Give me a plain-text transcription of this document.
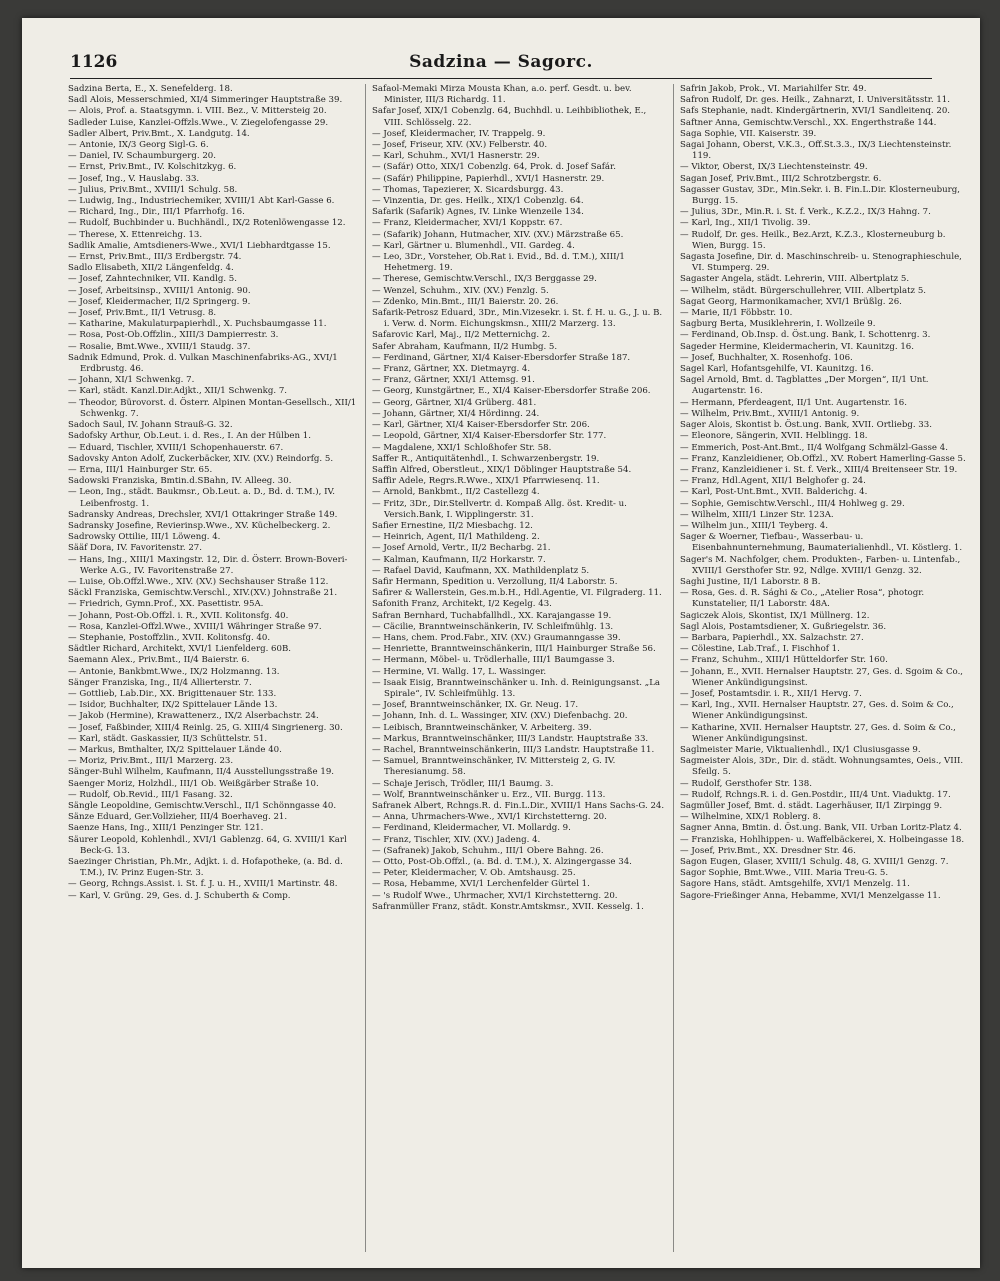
1126	Sadzina — Sagorc.

Sadzina Berta, E., X. Senefelderg. 18.

Sadl Alois, Messerschmied, XI/4 Simmeringer Hauptstraße 39.

— Alois, Prof. a. Staatsgymn. i. VIII. Bez., V. Mittersteig 20.

Sadleder Luise, Kanzlei-Offzls.Wwe., V. Ziegelofengasse 29.

Sadler Albert, Priv.Bmt., X. Landgutg. 14.

— Antonie, IX/3 Georg Sigl-G. 6.

— Daniel, IV. Schaumburgerg. 20.

— Ernst, Priv.Bmt., IV. Kolschitzkyg. 6.

— Josef, Ing., V. Hauslabg. 33.

— Julius, Priv.Bmt., XVIII/1 Schulg. 58.

— Ludwig, Ing., Industriechemiker, XVIII/1 Abt Karl-Gasse 6.

— Richard, Ing., Dir., III/1 Pfarrhofg. 16.

— Rudolf, Buchbinder u. Buchhändl., IX/2 Rotenlöwengasse 12.

— Therese, X. Ettenreichg. 13.

Sadlik Amalie, Amtsdieners-Wwe., XVI/1 Liebhardtgasse 15.

— Ernst, Priv.Bmt., III/3 Erdbergstr. 74.

Sadlo Elisabeth, XII/2 Längenfeldg. 4.

— Josef, Zahntechniker, VII. Kandlg. 5.

— Josef, Arbeitsinsp., XVIII/1 Antonig. 90.

— Josef, Kleidermacher, II/2 Springerg. 9.

— Josef, Priv.Bmt., II/1 Vetrusg. 8.

— Katharine, Makulaturpapierhdl., X. Puchsbaumgasse 11.

— Rosa, Post-Ob.Offzlin., XIII/3 Dampierrestr. 3.

— Rosalie, Bmt.Wwe., XVIII/1 Staudg. 37.

Sadnik Edmund, Prok. d. Vulkan Maschinenfabriks-AG., XVI/1 Erdbrustg. 46.

— Johann, XI/1 Schwenkg. 7.

— Karl, städt. Kanzl.Dir.Adjkt., XII/1 Schwenkg. 7.

— Theodor, Bürovorst. d. Österr. Alpinen Montan-Gesellsch., XII/1 Schwenkg. 7.

Sadoch Saul, IV. Johann Strauß-G. 32.

Sadofsky Arthur, Ob.Leut. i. d. Res., I. An der Hülben 1.

— Eduard, Tischler, XVIII/1 Schopenhauerstr. 67.

Sadovsky Anton Adolf, Zuckerbäcker, XIV. (XV.) Reindorfg. 5.

— Erna, III/1 Hainburger Str. 65.

Sadowski Franziska, Bmtin.d.SBahn, IV. Alleeg. 30.

— Leon, Ing., städt. Baukmsr., Ob.Leut. a. D., Bd. d. T.M.), IV. Leibenfrostg. 1.

Sadransky Andreas, Drechsler, XVI/1 Ottakringer Straße 149.

Sadransky Josefine, Revierinsp.Wwe., XV. Küchelbeckerg. 2.

Sadrowsky Ottilie, III/1 Löweng. 4.

Sääf Dora, IV. Favoritenstr. 27.

— Hans, Ing., XIII/1 Maxingstr. 12, Dir. d. Österr. Brown-Boveri-Werke A.G., IV. Favoritenstraße 27.

— Luise, Ob.Offzl.Wwe., XIV. (XV.) Sechshauser Straße 112.

Säckl Franziska, Gemischtw.Verschl., XIV.(XV.) Johnstraße 21.

— Friedrich, Gymn.Prof., XX. Pasettistr. 95A.

— Johann, Post-Ob.Offzl. i. R., XVII. Kolitonsfg. 40.

— Rosa, Kanzlei-Offzl.Wwe., XVIII/1 Währinger Straße 97.

— Stephanie, Postoffzlin., XVII. Kolitonsfg. 40.

Sädtler Richard, Architekt, XVI/1 Lienfelderg. 60B.

Saemann Alex., Priv.Bmt., II/4 Baierstr. 6.

— Antonie, Bankbmt.Wwe., IX/2 Holzmanng. 13.

Sänger Franziska, Ing., II/4 Allierterstr. 7.

— Gottlieb, Lab.Dir., XX. Brigittenauer Str. 133.

— Isidor, Buchhalter, IX/2 Spittelauer Lände 13.

— Jakob (Hermine), Krawattenerz., IX/2 Alserbachstr. 24.

— Josef, Faßbinder, XIII/4 Reinlg. 25, G. XIII/4 Singrienerg. 30.

— Karl, städt. Gaskassier, II/3 Schüttelstr. 51.

— Markus, Bmthalter, IX/2 Spittelauer Lände 40.

— Moriz, Priv.Bmt., III/1 Marzerg. 23.

Sänger-Buhl Wilhelm, Kaufmann, II/4 Ausstellungsstraße 19.

Saenger Moriz, Holzhdl., III/1 Ob. Weißgärber Straße 10.

— Rudolf, Ob.Revid., III/1 Fasang. 32.

Sängle Leopoldine, Gemischtw.Verschl., II/1 Schönngasse 40.

Sänze Eduard, Ger.Vollzieher, III/4 Boerhaveg. 21.

Saenze Hans, Ing., XIII/1 Penzinger Str. 121.

Säurer Leopold, Kohlenhdl., XVI/1 Gablenzg. 64, G. XVIII/1 Karl Beck-G. 13.

Saezinger Christian, Ph.Mr., Adjkt. i. d. Hofapotheke, (a. Bd. d. T.M.), IV. Prinz Eugen-Str. 3.

— Georg, Rchngs.Assist. i. St. f. J. u. H., XVIII/1 Martinstr. 48.

— Karl, V. Grüng. 29, Ges. d. J. Schuberth & Comp.

Safaol-Memaki Mirza Mousta Khan, a.o. perf. Gesdt. u. bev. Minister, III/3 Richardg. 11.

Safar Josef, XIX/1 Cobenzlg. 64, Buchhdl. u. Leihbibliothek, E., VIII. Schlösselg. 22.

— Josef, Kleidermacher, IV. Trappelg. 9.

— Josef, Friseur, XIV. (XV.) Felberstr. 40.

— Karl, Schuhm., XVI/1 Hasnerstr. 29.

— (Safár) Otto, XIX/1 Cobenzlg. 64, Prok. d. Josef Safár.

— (Safár) Philippine, Papierhdl., XVI/1 Hasnerstr. 29.

— Thomas, Tapezierer, X. Sicardsburgg. 43.

— Vinzentia, Dr. ges. Heilk., XIX/1 Cobenzlg. 64.

Safarik (Safarik) Agnes, IV. Linke Wienzeile 134.

— Franz, Kleidermacher, XVI/1 Koppstr. 67.

— (Safarik) Johann, Hutmacher, XIV. (XV.) Märzstraße 65.

— Karl, Gärtner u. Blumenhdl., VII. Gardeg. 4.

— Leo, 3Dr., Vorsteher, Ob.Rat i. Evid., Bd. d. T.M.), XIII/1 Hehetmerg. 19.

— Therese, Gemischtw.Verschl., IX/3 Berggasse 29.

— Wenzel, Schuhm., XIV. (XV.) Fenzlg. 5.

— Zdenko, Min.Bmt., III/1 Baierstr. 20. 26.

Safarik-Petrosz Eduard, 3Dr., Min.Vizesekr. i. St. f. H. u. G., J. u. B. i. Verw. d. Norm. Eichungskmsn., XIII/2 Marzerg. 13.

Safarovic Karl, Maj., II/2 Metternichg. 2.

Safer Abraham, Kaufmann, II/2 Humbg. 5.

— Ferdinand, Gärtner, XI/4 Kaiser-Ebersdorfer Straße 187.

— Franz, Gärtner, XX. Dietmayrg. 4.

— Franz, Gärtner, XXI/1 Attemsg. 91.

— Georg, Kunstgärtner, E., XI/4 Kaiser-Ebersdorfer Straße 206.

— Georg, Gärtner, XI/4 Grüberg. 481.

— Johann, Gärtner, XI/4 Hördinng. 24.

— Karl, Gärtner, XI/4 Kaiser-Ebersdorfer Str. 206.

— Leopold, Gärtner, XI/4 Kaiser-Ebersdorfer Str. 177.

— Magdalene, XXI/1 Schloßhofer Str. 58.

Saffer R., Antiquitätenhdl., I. Schwarzenbergstr. 19.

Saffin Alfred, Oberstleut., XIX/1 Döblinger Hauptstraße 54.

Saffir Adele, Regrs.R.Wwe., XIX/1 Pfarrwiesenq. 11.

— Arnold, Bankbmt., II/2 Castellezg 4.

— Fritz, 3Dr., Dir.Stellvertr. d. Kompaß Allg. öst. Kredit- u. Versich.Bank, I. Wipplingerstr. 31.

Safier Ernestine, II/2 Miesbachg. 12.

— Heinrich, Agent, II/1 Mathildeng. 2.

— Josef Arnold, Vertr., II/2 Becharbg. 21.

— Kalman, Kaufmann, II/2 Horkarstr. 7.

— Rafael David, Kaufmann, XX. Mathildenplatz 5.

Safir Hermann, Spedition u. Verzollung, II/4 Laborstr. 5.

Safirer & Wallerstein, Ges.m.b.H., Hdl.Agentie, VI. Filgraderg. 11.

Safonith Franz, Architekt, I/2 Kegelg. 43.

Safran Bernhard, Tuchabfallhdl., XX. Karajangasse 19.

— Cäcilie, Branntweinschänkerin, IV. Schleifmühlg. 13.

— Hans, chem. Prod.Fabr., XIV. (XV.) Graumanngasse 39.

— Henriette, Branntweinschänkerin, III/1 Hainburger Straße 56.

— Hermann, Möbel- u. Trödlerhalle, III/1 Baumgasse 3.

— Hermine, VI. Wallg. 17, L. Wassinger.

— Isaak Eisig, Branntweinschänker u. Inh. d. Reinigungsanst. „La Spirale“, IV. Schleifmühlg. 13.

— Josef, Branntweinschänker, IX. Gr. Neug. 17.

— Johann, Inh. d. L. Wassinger, XIV. (XV.) Diefenbachg. 20.

— Leibisch, Branntweinschänker, V. Arbeiterg. 39.

— Markus, Branntweinschänker, III/3 Landstr. Hauptstraße 33.

— Rachel, Branntweinschänkerin, III/3 Landstr. Hauptstraße 11.

— Samuel, Branntweinschänker, IV. Mittersteig 2, G. IV. Theresianumg. 58.

— Schaje Jerisch, Trödler, III/1 Baumg. 3.

— Wolf, Branntweinschänker u. Erz., VII. Burgg. 113.

Safranek Albert, Rchngs.R. d. Fin.L.Dir., XVIII/1 Hans Sachs-G. 24.

— Anna, Uhrmachers-Wwe., XVI/1 Kirchstetterng. 20.

— Ferdinand, Kleidermacher, VI. Mollardg. 9.

— Franz, Tischler, XIV. (XV.) Jadeng. 4.

— (Safranek) Jakob, Schuhm., III/1 Obere Bahng. 26.

— Otto, Post-Ob.Offzl., (a. Bd. d. T.M.), X. Alzingergasse 34.

— Peter, Kleidermacher, V. Ob. Amtshausg. 25.

— Rosa, Hebamme, XVI/1 Lerchenfelder Gürtel 1.

— 's Rudolf Wwe., Uhrmacher, XVI/1 Kirchstetterng. 20.

Safranmüller Franz, städt. Konstr.Amtskmsr., XVII. Kesselg. 1.

Safrin Jakob, Prok., VI. Mariahilfer Str. 49.

Safron Rudolf, Dr. ges. Heilk., Zahnarzt, I. Universitätsstr. 11.

Safs Stephanie, nadt. Kindergärtnerin, XVI/1 Sandleitenq. 20.

Saftner Anna, Gemischtw.Verschl., XX. Engerthstraße 144.

Saga Sophie, VII. Kaiserstr. 39.

Sagai Johann, Oberst, V.K.3., Off.St.3.3., IX/3 Liechtensteinstr. 119.

— Viktor, Oberst, IX/3 Liechtensteinstr. 49.

Sagan Josef, Priv.Bmt., III/2 Schrotzbergstr. 6.

Sagasser Gustav, 3Dr., Min.Sekr. i. B. Fin.L.Dir. Klosterneuburg, Burgg. 15.

— Julius, 3Dr., Min.R. i. St. f. Verk., K.Z.2., IX/3 Hahng. 7.

— Karl, Ing., XII/1 Tivolig. 39.

— Rudolf, Dr. ges. Heilk., Bez.Arzt, K.Z.3., Klosterneuburg b. Wien, Burgg. 15.

Sagasta Josefine, Dir. d. Maschinschreib- u. Stenographieschule, VI. Stumperg. 29.

Sagaster Angela, städt. Lehrerin, VIII. Albertplatz 5.

— Wilhelm, städt. Bürgerschullehrer, VIII. Albertplatz 5.

Sagat Georg, Harmonikamacher, XVI/1 Brüßlg. 26.

— Marie, II/1 Föbbstr. 10.

Sagburg Berta, Musiklehrerin, I. Wollzeile 9.

— Ferdinand, Ob.Insp. d. Öst.ung. Bank, I. Schottenrg. 3.

Sageder Hermine, Kleidermacherin, VI. Kaunitzg. 16.

— Josef, Buchhalter, X. Rosenhofg. 106.

Sagel Karl, Hofantsgehilfe, VI. Kaunitzg. 16.

Sagel Arnold, Bmt. d. Tagblattes „Der Morgen“, II/1 Unt. Augartenstr. 16.

— Hermann, Pferdeagent, II/1 Unt. Augartenstr. 16.

— Wilhelm, Priv.Bmt., XVIII/1 Antonig. 9.

Sager Alois, Skontist b. Öst.ung. Bank, XVII. Ortliebg. 33.

— Eleonore, Sängerin, XVII. Helblingg. 18.

— Emmerich, Post-Ant.Bmt., II/4 Wolfgang Schmälzl-Gasse 4.

— Franz, Kanzleidiener, Ob.Offzl., XV. Robert Hamerling-Gasse 5.

— Franz, Kanzleidiener i. St. f. Verk., XIII/4 Breitenseer Str. 19.

— Franz, Hdl.Agent, XII/1 Belghofer g. 24.

— Karl, Post-Unt.Bmt., XVII. Balderichg. 4.

— Sophie, Gemischtw.Verschl., III/4 Hohlweg g. 29.

— Wilhelm, XIII/1 Linzer Str. 123A.

— Wilhelm jun., XIII/1 Teyberg. 4.

Sager & Woerner, Tiefbau-, Wasserbau- u. Eisenbahnunternehmung, Baumaterialienhdl., VI. Köstlerg. 1.

Sager's M. Nachfolger, chem. Produkten-, Farben- u. Lintenfab., XVIII/1 Gersthofer Str. 92, Ndlge. XVIII/1 Genzg. 32.

Saghi Justine, II/1 Laborstr. 8 B.

— Rosa, Ges. d. R. Sághi & Co., „Atelier Rosa“, photogr. Kunstatelier, II/1 Laborstr. 48A.

Sagiczek Alois, Skontist, IX/1 Müllnerg. 12.

Sagl Alois, Postamtsdiener, X. Gußriegelstr. 36.

— Barbara, Papierhdl., XX. Salzachstr. 27.

— Cölestine, Lab.Traf., I. Fischhof 1.

— Franz, Schuhm., XIII/1 Hütteldorfer Str. 160.

— Johann, E., XVII. Hernalser Hauptstr. 27, Ges. d. Sgoim & Co., Wiener Ankündigungsinst.

— Josef, Postamtsdir. i. R., XII/1 Hervg. 7.

— Karl, Ing., XVII. Hernalser Hauptstr. 27, Ges. d. Soim & Co., Wiener Ankündigungsinst.

— Katharine, XVII. Hernalser Hauptstr. 27, Ges. d. Soim & Co., Wiener Ankündigungsinst.

Saglmeister Marie, Viktualienhdl., IX/1 Clusiusgasse 9.

Sagmeister Alois, 3Dr., Dir. d. städt. Wohnungsamtes, Oeis., VIII. Sfeilg. 5.

— Rudolf, Gersthofer Str. 138.

— Rudolf, Rchngs.R. i. d. Gen.Postdir., III/4 Unt. Viaduktg. 17.

Sagmüller Josef, Bmt. d. städt. Lagerhäuser, II/1 Zirpingg 9.

— Wilhelmine, XIX/1 Roblerg. 8.

Sagner Anna, Bmtin. d. Öst.ung. Bank, VII. Urban Loritz-Platz 4.

— Franziska, Hohlhippen- u. Waffelbäckerei, X. Holbeingasse 18.

— Josef, Priv.Bmt., XX. Dresdner Str. 46.

Sagon Eugen, Glaser, XVIII/1 Schulg. 48, G. XVIII/1 Genzg. 7.

Sagor Sophie, Bmt.Wwe., VIII. Maria Treu-G. 5.

Sagore Hans, städt. Amtsgehilfe, XVI/1 Menzelg. 11.

Sagore-Frießinger Anna, Hebamme, XVI/1 Menzelgasse 11.
